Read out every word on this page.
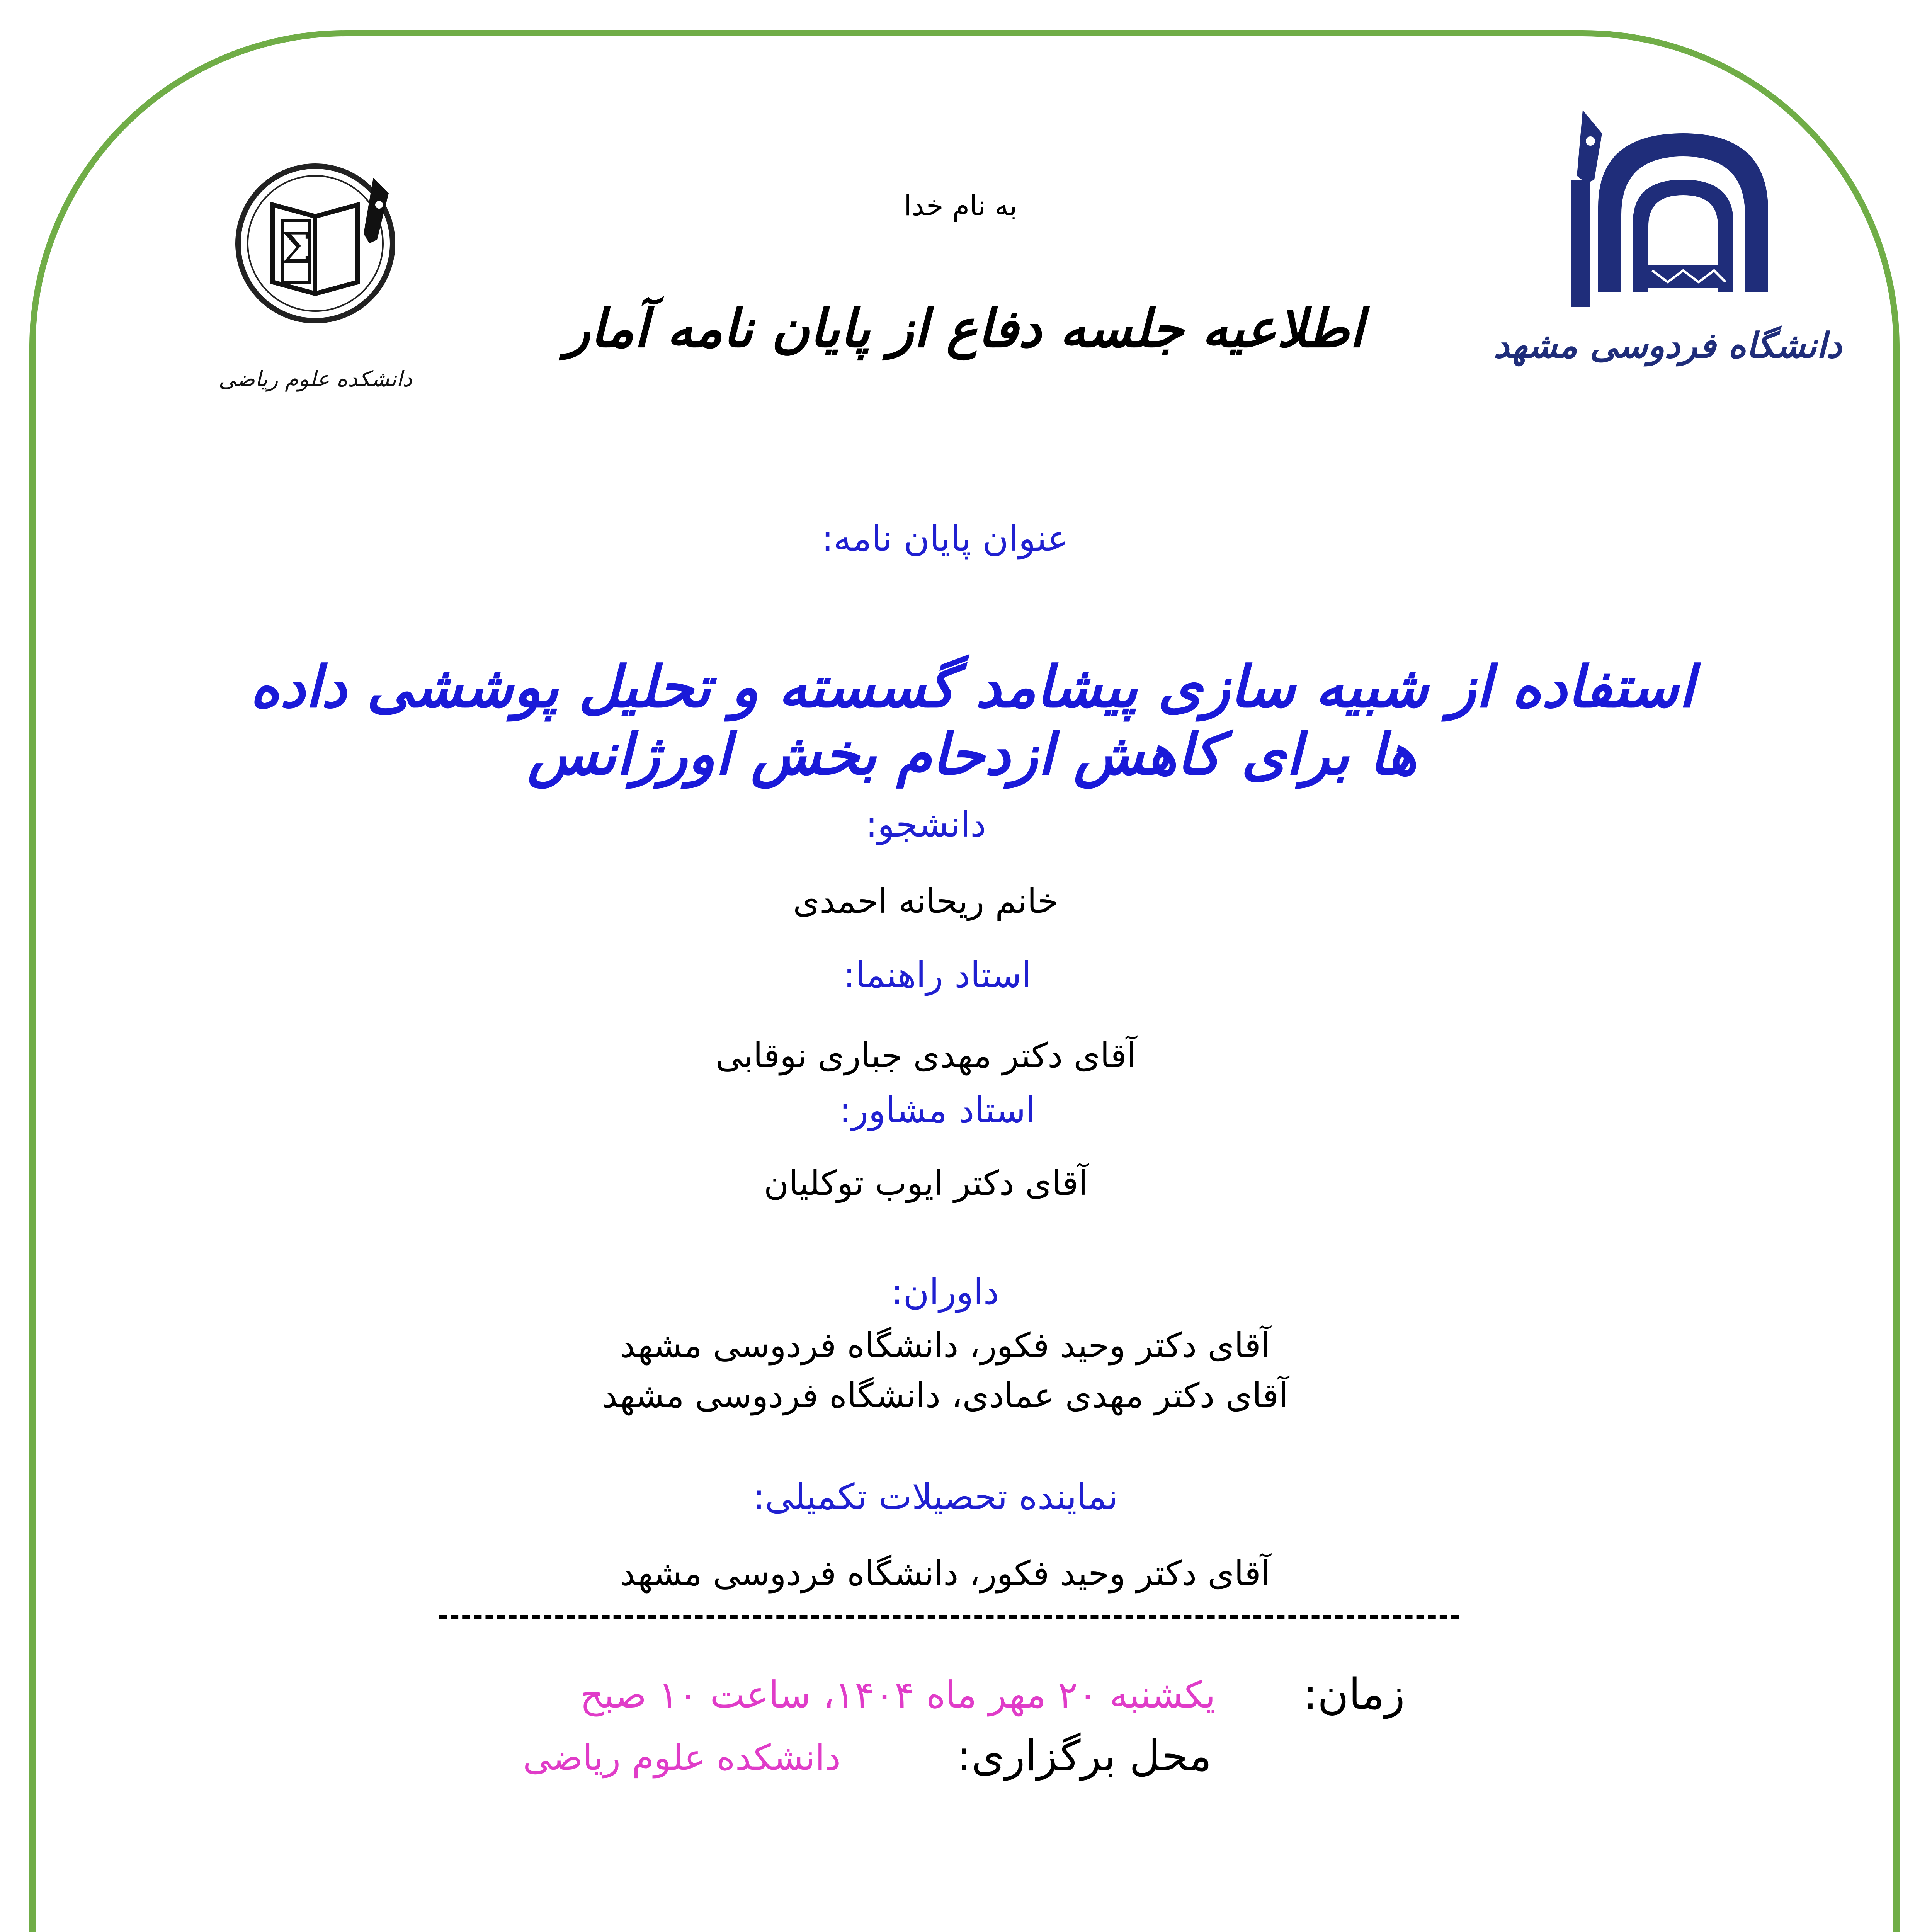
Σ
دانشکده علوم ریاضی
دانشگاه فردوسی مشهد
به نام خدا
اطلاعیه جلسه دفاع از پایان نامه آمار
عنوان پایان نامه:
استفاده از شبیه سازی پیشامد گسسته و تحلیل پوششی داده ها برای کاهش ازدحام بخش اورژانس
دانشجو:
خانم ریحانه احمدی
استاد راهنما:
آقای دکتر مهدی جباری نوقابی
استاد مشاور:
آقای دکتر ایوب توکلیان
داوران:
آقای دکتر وحید فکور، دانشگاه فردوسی مشهد
آقای دکتر مهدی عمادی، دانشگاه فردوسی مشهد
نماینده تحصیلات تکمیلی:
آقای دکتر وحید فکور، دانشگاه فردوسی مشهد
زمان:
یکشنبه ۲۰ مهر ماه ۱۴۰۴، ساعت ۱۰ صبح
محل برگزاری:
دانشکده علوم ریاضی
